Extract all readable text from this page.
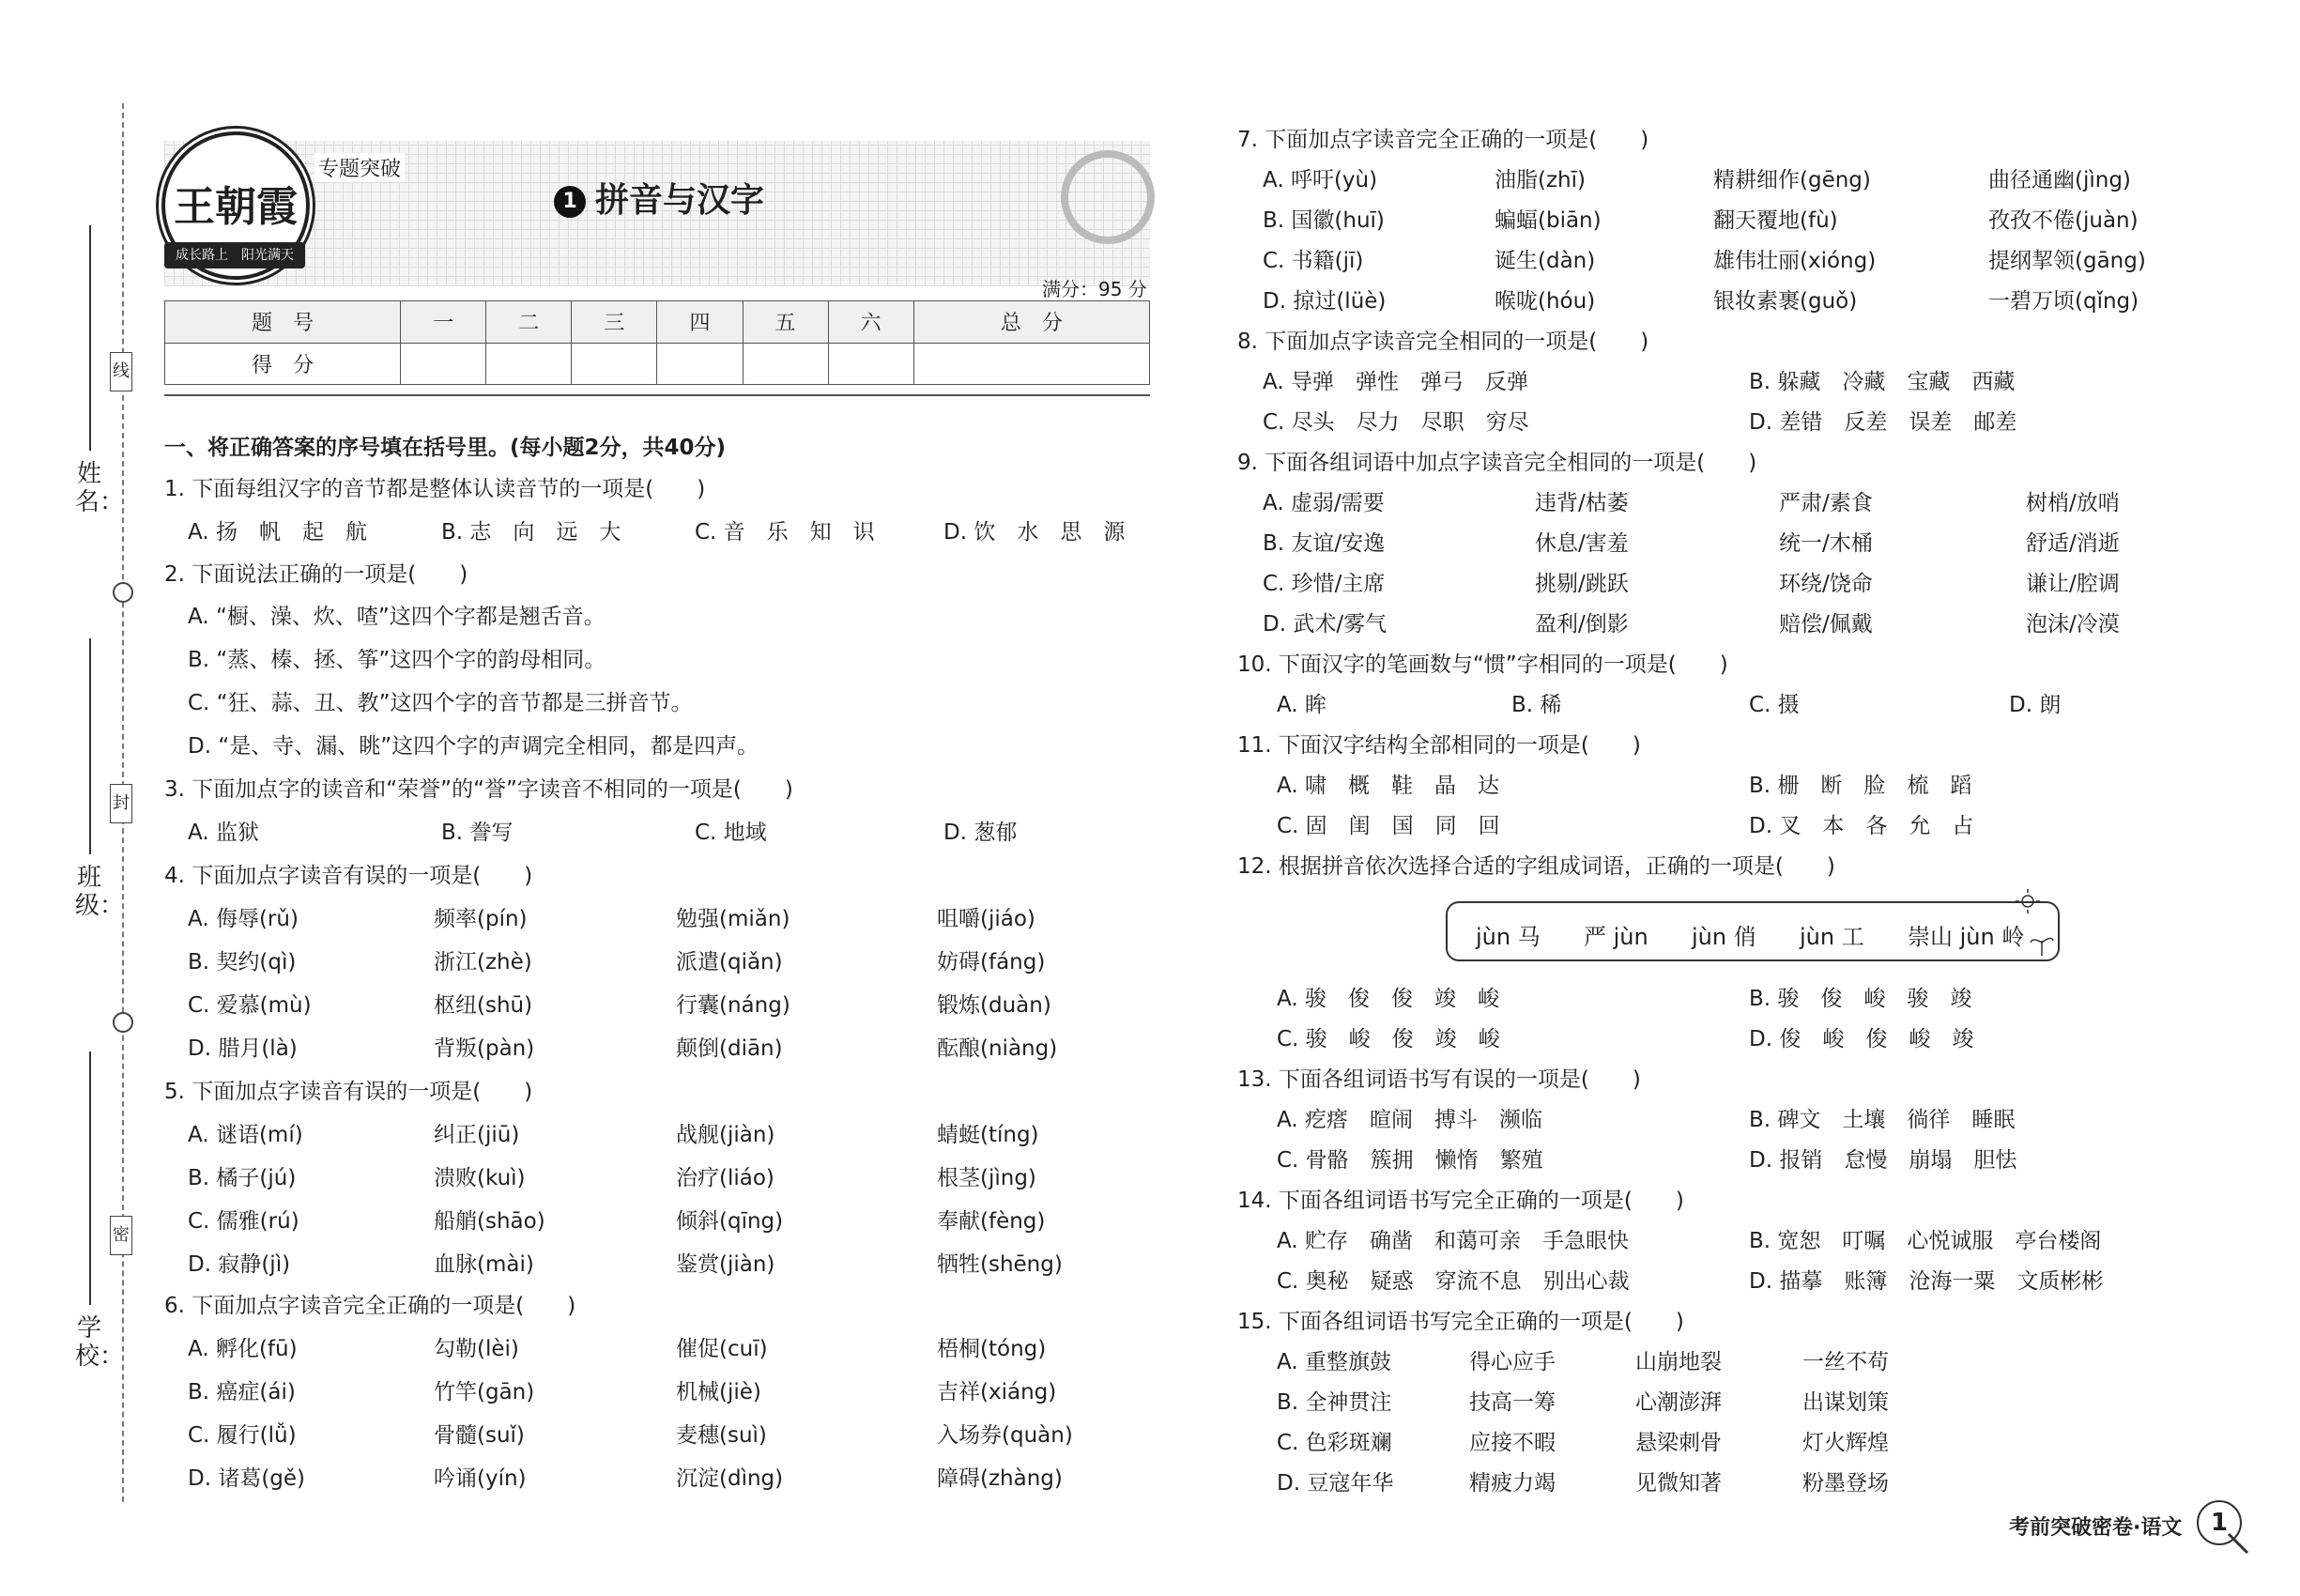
姓　名：
班　级：
学　校：
线
封
密
王朝霞
成长路上　阳光满天
专题突破
1 拼音与汉字
满分：95 分
题　号	一	二	三	四	五	六	总　分
得　分							
一、将正确答案的序号填在括号里。(每小题2分，共40分)
1. 下面每组汉字的音节都是整体认读音节的一项是(　　)
A. 扬　帆　起　航	B. 志　向　远　大	C. 音　乐　知　识	D. 饮　水　思　源
2. 下面说法正确的一项是(　　)
A. “橱、澡、炊、喳”这四个字都是翘舌音。
B. “蒸、榛、拯、筝”这四个字的韵母相同。
C. “狂、蒜、丑、教”这四个字的音节都是三拼音节。
D. “是、寺、漏、眺”这四个字的声调完全相同，都是四声。
3. 下面加点字的读音和“荣誉”的“誉”字读音不相同的一项是(　　)
A. 监狱	B. 誊写	C. 地域	D. 葱郁
4. 下面加点字读音有误的一项是(　　)
A. 侮辱(rǔ)	频率(pín)	勉强(miǎn)	咀嚼(jiáo)
B. 契约(qì)	浙江(zhè)	派遣(qiǎn)	妨碍(fáng)
C. 爱慕(mù)	枢纽(shū)	行囊(náng)	锻炼(duàn)
D. 腊月(là)	背叛(pàn)	颠倒(diān)	酝酿(niàng)
5. 下面加点字读音有误的一项是(　　)
A. 谜语(mí)	纠正(jiū)	战舰(jiàn)	蜻蜓(tíng)
B. 橘子(jú)	溃败(kuì)	治疗(liáo)	根茎(jìng)
C. 儒雅(rú)	船艄(shāo)	倾斜(qīng)	奉献(fèng)
D. 寂静(jì)	血脉(mài)	鉴赏(jiàn)	牺牲(shēng)
6. 下面加点字读音完全正确的一项是(　　)
A. 孵化(fū)	勾勒(lèi)	催促(cuī)	梧桐(tóng)
B. 癌症(ái)	竹竿(gān)	机械(jiè)	吉祥(xiáng)
C. 履行(lǚ)	骨髓(suǐ)	麦穗(suì)	入场券(quàn)
D. 诸葛(gě)	吟诵(yín)	沉淀(dìng)	障碍(zhàng)
7. 下面加点字读音完全正确的一项是(　　)
A. 呼吁(yù)	油脂(zhī)	精耕细作(gēng)	曲径通幽(jìng)
B. 国徽(huī)	蝙蝠(biān)	翻天覆地(fù)	孜孜不倦(juàn)
C. 书籍(jī)	诞生(dàn)	雄伟壮丽(xióng)	提纲挈领(gāng)
D. 掠过(lüè)	喉咙(hóu)	银妆素裹(guǒ)	一碧万顷(qǐng)
8. 下面加点字读音完全相同的一项是(　　)
A. 导弹　弹性　弹弓　反弹	B. 躲藏　冷藏　宝藏　西藏
C. 尽头　尽力　尽职　穷尽	D. 差错　反差　误差　邮差
9. 下面各组词语中加点字读音完全相同的一项是(　　)
A. 虚弱/需要	违背/枯萎	严肃/素食	树梢/放哨
B. 友谊/安逸	休息/害羞	统一/木桶	舒适/消逝
C. 珍惜/主席	挑剔/跳跃	环绕/饶命	谦让/腔调
D. 武术/雾气	盈利/倒影	赔偿/佩戴	泡沫/冷漠
10. 下面汉字的笔画数与“惯”字相同的一项是(　　)
A. 眸	B. 稀	C. 摄	D. 朗
11. 下面汉字结构全部相同的一项是(　　)
A. 啸　概　鞋　晶　达	B. 栅　断　脸　梳　蹈
C. 固　闺　国　同　回	D. 叉　本　各　允　占
12. 根据拼音依次选择合适的字组成词语，正确的一项是(　　)
jùn 马 严 jùn jùn 俏 jùn 工 崇山 jùn 岭
A. 骏　俊　俊　竣　峻	B. 骏　俊　峻　骏　竣
C. 骏　峻　俊　竣　峻	D. 俊　峻　俊　峻　竣
13. 下面各组词语书写有误的一项是(　　)
A. 疙瘩　暄闹　搏斗　濒临	B. 碑文　土壤　徜徉　睡眠
C. 骨骼　簇拥　懒惰　繁殖	D. 报销　怠慢　崩塌　胆怯
14. 下面各组词语书写完全正确的一项是(　　)
A. 贮存　确凿　和蔼可亲　手急眼快	B. 宽恕　叮嘱　心悦诚服　亭台楼阁
C. 奥秘　疑惑　穿流不息　别出心裁	D. 描摹　账簿　沧海一粟　文质彬彬
15. 下面各组词语书写完全正确的一项是(　　)
A. 重整旗鼓	得心应手	山崩地裂	一丝不苟
B. 全神贯注	技高一筹	心潮澎湃	出谋划策
C. 色彩斑斓	应接不暇	悬梁刺骨	灯火辉煌
D. 豆寇年华	精疲力竭	见微知著	粉墨登场
考前突破密卷·语文	1
